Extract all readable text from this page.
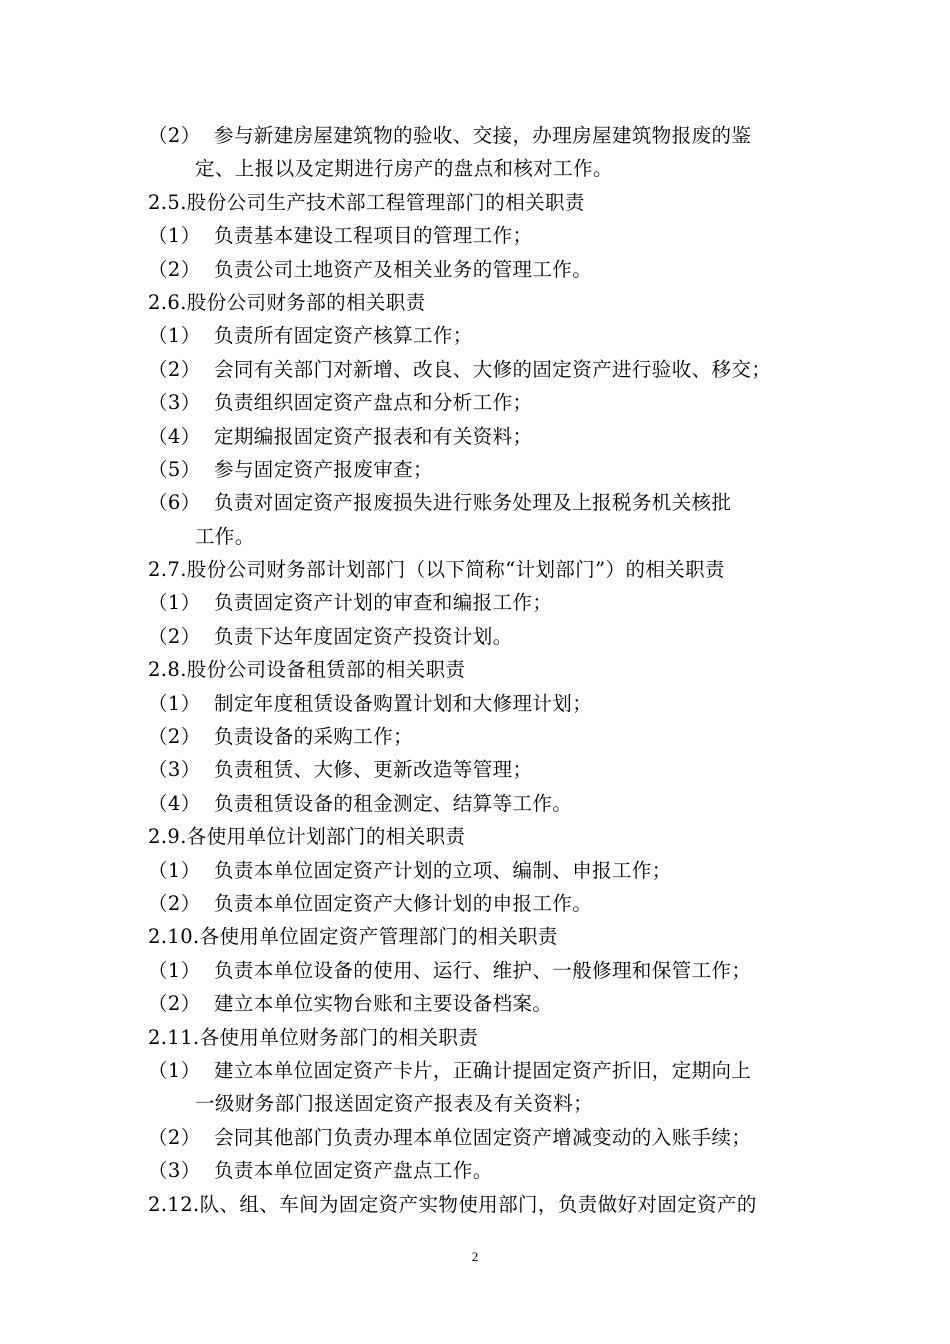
（2） 参与新建房屋建筑物的验收、交接，办理房屋建筑物报废的鉴
定、上报以及定期进行房产的盘点和核对工作。
2.5.股份公司生产技术部工程管理部门的相关职责
（1） 负责基本建设工程项目的管理工作；
（2） 负责公司土地资产及相关业务的管理工作。
2.6.股份公司财务部的相关职责
（1） 负责所有固定资产核算工作；
（2） 会同有关部门对新增、改良、大修的固定资产进行验收、移交；
（3） 负责组织固定资产盘点和分析工作；
（4） 定期编报固定资产报表和有关资料；
（5） 参与固定资产报废审查；
（6） 负责对固定资产报废损失进行账务处理及上报税务机关核批
工作。
2.7.股份公司财务部计划部门（以下简称“计划部门”）的相关职责
（1） 负责固定资产计划的审查和编报工作；
（2） 负责下达年度固定资产投资计划。
2.8.股份公司设备租赁部的相关职责
（1） 制定年度租赁设备购置计划和大修理计划；
（2） 负责设备的采购工作；
（3） 负责租赁、大修、更新改造等管理；
（4） 负责租赁设备的租金测定、结算等工作。
2.9.各使用单位计划部门的相关职责
（1） 负责本单位固定资产计划的立项、编制、申报工作；
（2） 负责本单位固定资产大修计划的申报工作。
2.10.各使用单位固定资产管理部门的相关职责
（1） 负责本单位设备的使用、运行、维护、一般修理和保管工作；
（2） 建立本单位实物台账和主要设备档案。
2.11.各使用单位财务部门的相关职责
（1） 建立本单位固定资产卡片，正确计提固定资产折旧，定期向上
一级财务部门报送固定资产报表及有关资料；
（2） 会同其他部门负责办理本单位固定资产增减变动的入账手续；
（3） 负责本单位固定资产盘点工作。
2.12.队、组、车间为固定资产实物使用部门，负责做好对固定资产的
2
